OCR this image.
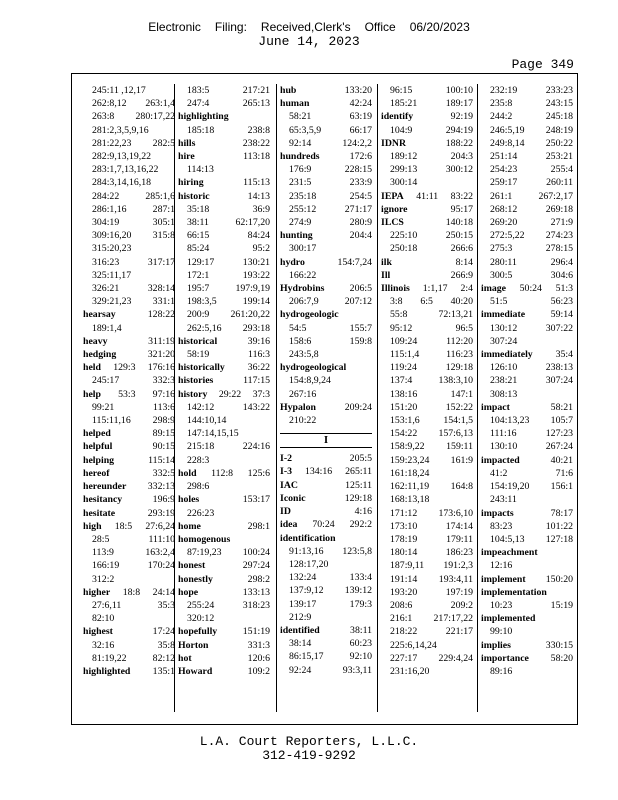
Electronic Filing: Received,Clerk's Office 06/20/2023
June 14, 2023
Page 349
245:11 ,12,17
262:8,12 263:1,4
263:8 280:17,22
281:2,3,5,9,16
281:22,23 282:5
282:9,13,19,22
283:1,7,13,16,22
284:3,14,16,18
284:22	285:1,6
286:1,16	287:1
304:19	305:1
309:16,20 315:8
315:20,23
316:23	317:17
325:11,17
326:21	328:14
329:21,23 331:1
hearsay	128:22
189:1,4
heavy	311:19
hedging	321:20
held 129:3 176:16
245:17	332:3
help 53:3 97:16
99:21	113:6
115:11,16 298:9
helped	89:15
helpful	90:15
helping	115:14
hereof	332:5
hereunder 332:13
hesitancy	196:9
hesitate	293:19
high 18:5 27:6,24
28:5	111:10
113:9	163:2,4
166:19	170:24
312:2
higher 18:8 24:14
27:6,11	35:3
82:10
highest	17:24
32:16	35:8
81:19,22	82:12
highlighted 135:1
183:5	217:21
247:4	265:13
highlighting
185:18	238:8
hills	238:22
hire	113:18
114:13
hiring	115:13
historic	14:13
35:18	36:9
38:11	62:17,20
66:15	84:24
85:24	95:2
129:17	130:21
172:1	193:22
195:7	197:9,19
198:3,5	199:14
200:9 261:20,22
262:5,16 293:18
historical	39:16
58:19	116:3
historically 36:22
histories	117:15
history 29:22 37:3
142:12	143:22
144:10,14
147:14,15,15
215:18	224:16
228:3
hold 112:8 125:6
298:6
holes	153:17
226:23
home	298:1
homogenous
87:19,23 100:24
honest	297:24
honestly	298:2
hope	133:13
255:24	318:23
320:12
hopefully	151:19
Horton	331:3
hot	120:6
Howard	109:2
hub	133:20
human	42:24
58:21	63:19
65:3,5,9	66:17
92:14	124:2,2
hundreds	172:6
176:9	228:15
231:5	233:9
235:18	254:5
255:12	271:17
274:9	280:9
hunting	204:4
300:17
hydro	154:7,24
166:22
Hydrobins	206:5
206:7,9	207:12
hydrogeologic
54:5	155:7
158:6	159:8
243:5,8
hydrogeological
154:8,9,24
267:16
Hypalon	209:24
210:22
I
I-2	205:5
I-3 134:16 265:11
IAC	125:11
Iconic	129:18
ID	4:16
idea 70:24 292:2
identification
91:13,16 123:5,8
128:17,20
132:24	133:4
137:9,12 139:12
139:17	179:3
212:9
identified	38:11
38:14	60:23
86:15,17	92:10
92:24	93:3,11
96:15	100:10
185:21	189:17
identify	92:19
104:9	294:19
IDNR	188:22
189:12	204:3
299:13	300:12
300:14
IEPA 41:11 83:22
ignore	95:17
ILCS	140:18
225:10	250:15
250:18	266:6
ilk	8:14
Ill	266:9
Illinois 1:1,17 2:4
3:8 6:5 40:20
55:8	72:13,21
95:12	96:5
109:24	112:20
115:1,4	116:23
119:24	129:18
137:4	138:3,10
138:16	147:1
151:20	152:22
153:1,6 154:1,5
154:22 157:6,13
158:9,22 159:11
159:23,24 161:9
161:18,24
162:11,19 164:8
168:13,18
171:12 173:6,10
173:10	174:14
178:19	179:11
180:14	186:23
187:9,11 191:2,3
191:14 193:4,11
193:20	197:19
208:6	209:2
216:1 217:17,22
218:22	221:17
225:6,14,24
227:17 229:4,24
231:16,20
232:19	233:23
235:8	243:15
244:2	245:18
246:5,19 248:19
249:8,14 250:22
251:14	253:21
254:23	255:4
259:17	260:11
261:1	267:2,17
268:12	269:18
269:20	271:9
272:5,22 274:23
275:3	278:15
280:11	296:4
300:5	304:6
image 50:24 51:3
51:5	56:23
immediate	59:14
130:12	307:22
307:24
immediately 35:4
126:10	238:13
238:21	307:24
308:13
impact	58:21
104:13,23 105:7
111:16	127:23
130:10	267:24
impacted	40:21
41:2	71:6
154:19,20 156:1
243:11
impacts	78:17
83:23	101:22
104:5,13 127:18
impeachment
12:16
implement 150:20
implementation
10:23	15:19
implemented
99:10
implies	330:15
importance 58:20
89:16
L.A. Court Reporters, L.L.C.
312-419-9292
